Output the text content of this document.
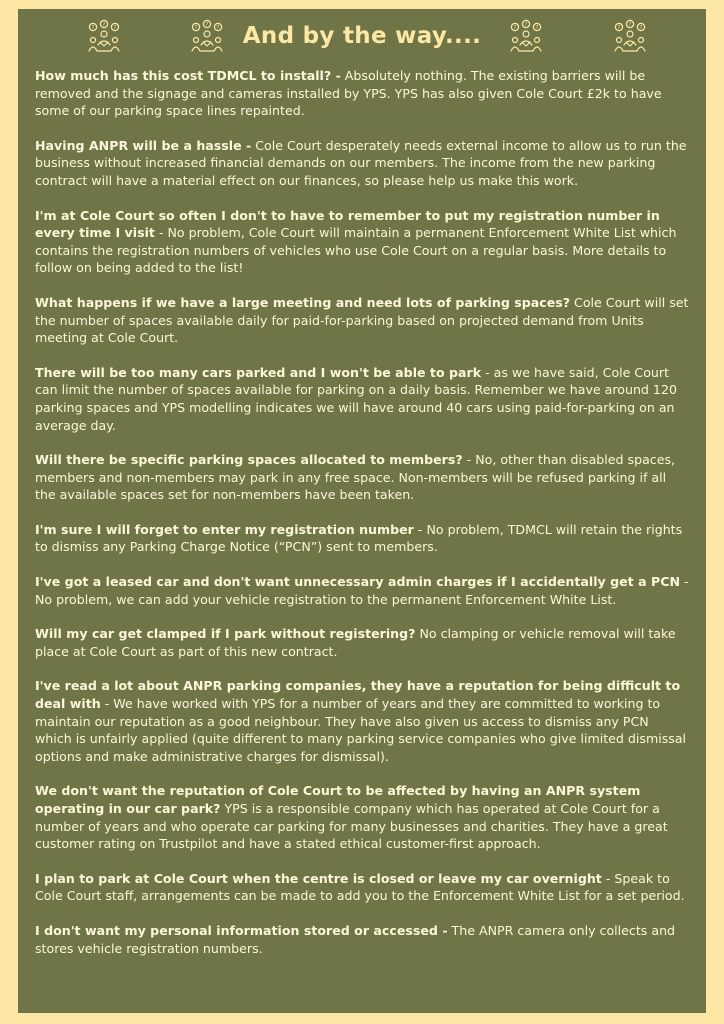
?
?	?	?
?	?	And by the way....	?
?	?	?
?	?

How much has this cost TDMCL to install? - Absolutely nothing. The existing barriers will be removed and the signage and cameras installed by YPS. YPS has also given Cole Court £2k to have some of our parking space lines repainted.

Having ANPR will be a hassle - Cole Court desperately needs external income to allow us to run the business without increased financial demands on our members. The income from the new parking contract will have a material effect on our finances, so please help us make this work.

I'm at Cole Court so often I don't to have to remember to put my registration number in every time I visit - No problem, Cole Court will maintain a permanent Enforcement White List which contains the registration numbers of vehicles who use Cole Court on a regular basis. More details to follow on being added to the list!

What happens if we have a large meeting and need lots of parking spaces? Cole Court will set the number of spaces available daily for paid-for-parking based on projected demand from Units meeting at Cole Court.

There will be too many cars parked and I won't be able to park - as we have said, Cole Court can limit the number of spaces available for parking on a daily basis. Remember we have around 120 parking spaces and YPS modelling indicates we will have around 40 cars using paid-for-parking on an average day.

Will there be specific parking spaces allocated to members? - No, other than disabled spaces, members and non-members may park in any free space. Non-members will be refused parking if all the available spaces set for non-members have been taken.

I'm sure I will forget to enter my registration number - No problem, TDMCL will retain the rights to dismiss any Parking Charge Notice (“PCN”) sent to members.

I've got a leased car and don't want unnecessary admin charges if I accidentally get a PCN - No problem, we can add your vehicle registration to the permanent Enforcement White List.

Will my car get clamped if I park without registering? No clamping or vehicle removal will take place at Cole Court as part of this new contract.

I've read a lot about ANPR parking companies, they have a reputation for being difficult to deal with - We have worked with YPS for a number of years and they are committed to working to maintain our reputation as a good neighbour. They have also given us access to dismiss any PCN which is unfairly applied (quite different to many parking service companies who give limited dismissal options and make administrative charges for dismissal).

We don't want the reputation of Cole Court to be affected by having an ANPR system operating in our car park? YPS is a responsible company which has operated at Cole Court for a number of years and who operate car parking for many businesses and charities. They have a great customer rating on Trustpilot and have a stated ethical customer-first approach.

I plan to park at Cole Court when the centre is closed or leave my car overnight - Speak to Cole Court staff, arrangements can be made to add you to the Enforcement White List for a set period.

I don't want my personal information stored or accessed - The ANPR camera only collects and stores vehicle registration numbers.
